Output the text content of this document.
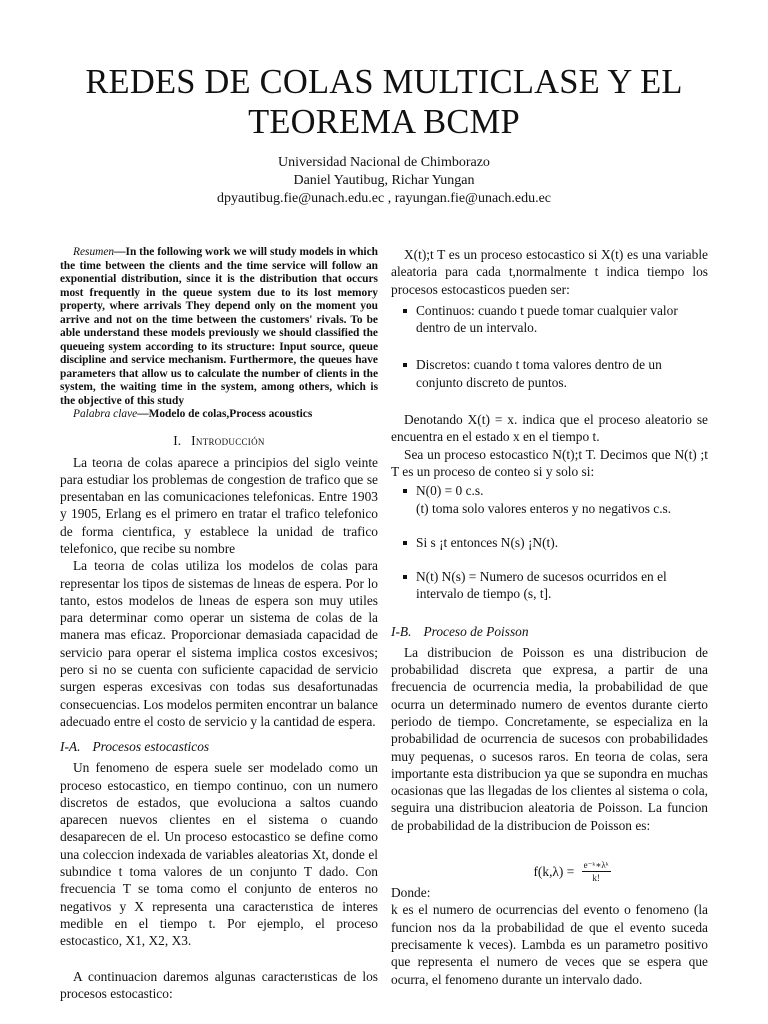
REDES DE COLAS MULTICLASE Y EL TEOREMA BCMP
Universidad Nacional de Chimborazo
Daniel Yautibug, Richar Yungan
dpyautibug.fie@unach.edu.ec , rayungan.fie@unach.edu.ec

Resumen—In the following work we will study models in which the time between the clients and the time service will follow an exponential distribution, since it is the distribution that occurs most frequently in the queue system due to its lost memory property, where arrivals They depend only on the moment you arrive and not on the time between the customers' rivals. To be able understand these models previously we should classified the queueing system according to its structure: Input source, queue discipline and service mechanism. Furthermore, the queues have parameters that allow us to calculate the number of clients in the system, the waiting time in the system, among others, which is the objective of this study

Palabra clave—Modelo de colas,Process acoustics

I. Introducción

La teorıa de colas aparece a principios del siglo veinte para estudiar los problemas de congestion de trafico que se presentaban en las comunicaciones telefonicas. Entre 1903 y 1905, Erlang es el primero en tratar el trafico telefonico de forma cientıfica, y establece la unidad de trafico telefonico, que recibe su nombre

La teorıa de colas utiliza los modelos de colas para representar los tipos de sistemas de lıneas de espera. Por lo tanto, estos modelos de lıneas de espera son muy utiles para determinar como operar un sistema de colas de la manera mas eficaz. Proporcionar demasiada capacidad de servicio para operar el sistema implica costos excesivos; pero si no se cuenta con suficiente capacidad de servicio surgen esperas excesivas con todas sus desafortunadas consecuencias. Los modelos permiten encontrar un balance adecuado entre el costo de servicio y la cantidad de espera.

I-A. Procesos estocasticos

Un fenomeno de espera suele ser modelado como un proceso estocastico, en tiempo continuo, con un numero discretos de estados, que evoluciona a saltos cuando aparecen nuevos clientes en el sistema o cuando desaparecen de el. Un proceso estocastico se define como una coleccion indexada de variables aleatorias Xt, donde el subındice t toma valores de un conjunto T dado. Con frecuencia T se toma como el conjunto de enteros no negativos y X representa una caracterıstica de interes medible en el tiempo t. Por ejemplo, el proceso estocastico, X1, X2, X3.

A continuacion daremos algunas caracterısticas de los procesos estocastico:

X(t);t T es un proceso estocastico si X(t) es una variable aleatoria para cada t,normalmente t indica tiempo los procesos estocasticos pueden ser:

Continuos: cuando t puede tomar cualquier valor dentro de un intervalo.
Discretos: cuando t toma valores dentro de un conjunto discreto de puntos.

Denotando X(t) = x. indica que el proceso aleatorio se encuentra en el estado x en el tiempo t.

Sea un proceso estocastico N(t);t T. Decimos que N(t) ;t T es un proceso de conteo si y solo si:

N(0) = 0 c.s.
(t) toma solo valores enteros y no negativos c.s.
Si s ¡t entonces N(s) ¡N(t).
N(t) N(s) = Numero de sucesos ocurridos en el intervalo de tiempo (s, t].
I-B. Proceso de Poisson

La distribucion de Poisson es una distribucion de probabilidad discreta que expresa, a partir de una frecuencia de ocurrencia media, la probabilidad de que ocurra un determinado numero de eventos durante cierto periodo de tiempo. Concretamente, se especializa en la probabilidad de ocurrencia de sucesos con probabilidades muy pequenas, o sucesos raros. En teorıa de colas, sera importante esta distribucion ya que se supondra en muchas ocasionas que las llegadas de los clientes al sistema o cola, seguira una distribucion aleatoria de Poisson. La funcion de probabilidad de la distribucion de Poisson es:

$f(k,\lambda) = \frac{\text{e⁻ᵏ∗λᵏ}}{k!}$

Donde:

k es el numero de ocurrencias del evento o fenomeno (la funcion nos da la probabilidad de que el evento suceda precisamente k veces). Lambda es un parametro positivo que representa el numero de veces que se espera que ocurra, el fenomeno durante un intervalo dado.
